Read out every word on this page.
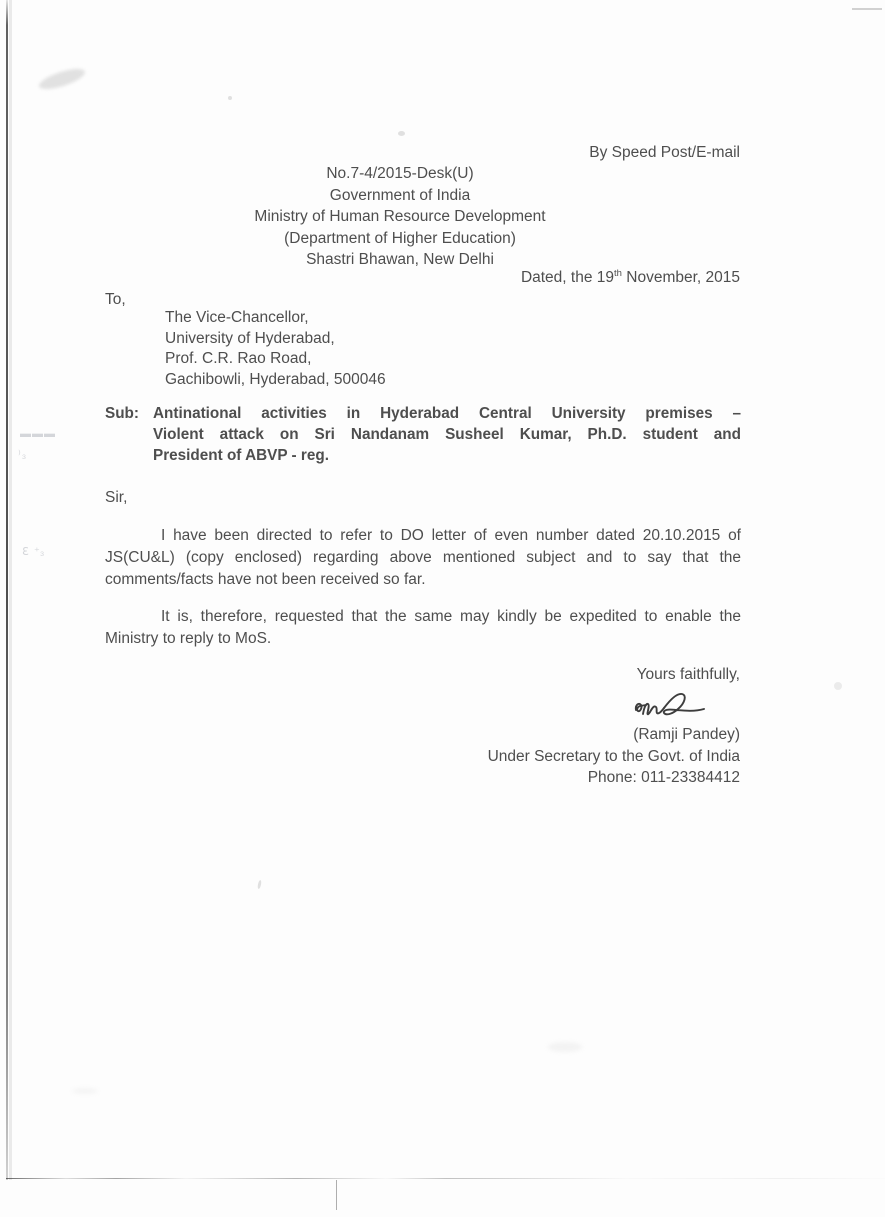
▬▬▬
⁾₃
ℇ  ⁺₃
By Speed Post/E-mail
No.7-4/2015-Desk(U)
Government of India
Ministry of Human Resource Development
(Department of Higher Education)
Shastri Bhawan, New Delhi
Dated, the 19th November, 2015
To,
The Vice-Chancellor,
University of Hyderabad,
Prof. C.R. Rao Road,
Gachibowli, Hyderabad, 500046
Sub: Antinational activities in Hyderabad Central University premises –
Violent attack on Sri Nandanam Susheel Kumar, Ph.D. student and
President of ABVP - reg.
Sir,
I have been directed to refer to DO letter of even number dated 20.10.2015 of JS(CU&L) (copy enclosed) regarding above mentioned subject and to say that the comments/facts have not been received so far.
It is, therefore, requested that the same may kindly be expedited to enable the Ministry to reply to MoS.
Yours faithfully,
(Ramji Pandey)
Under Secretary to the Govt. of India
Phone: 011-23384412
